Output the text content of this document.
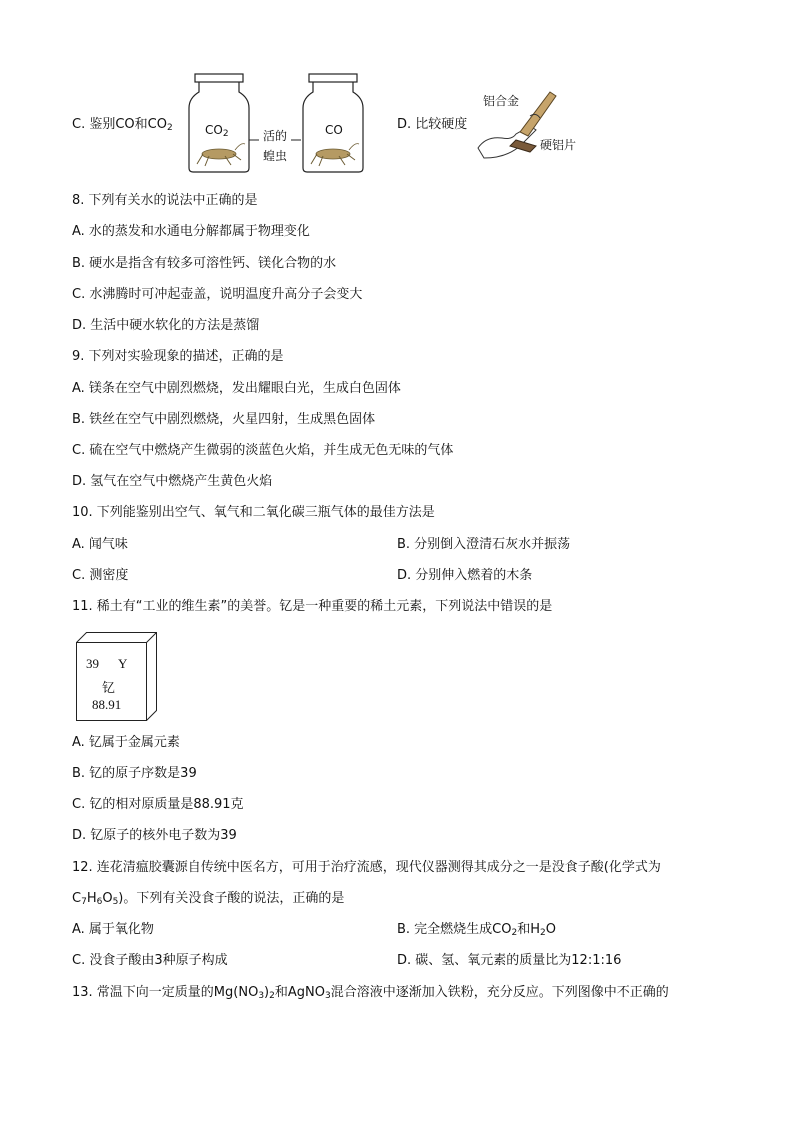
C. 鉴别CO和$CO_2$	$CO_2$	活的
蝗虫
CO	D. 比较硬度
铝合金
硬铝片
8. 下列有关水的说法中正确的是
A. 水的蒸发和水通电分解都属于物理变化
B. 硬水是指含有较多可溶性钙、镁化合物的水
C. 水沸腾时可冲起壶盖，说明温度升高分子会变大
D. 生活中硬水软化的方法是蒸馏
9. 下列对实验现象的描述，正确的是
A. 镁条在空气中剧烈燃烧，发出耀眼白光，生成白色固体
B. 铁丝在空气中剧烈燃烧，火星四射，生成黑色固体
C. 硫在空气中燃烧产生微弱的淡蓝色火焰，并生成无色无味的气体
D. 氢气在空气中燃烧产生黄色火焰
10. 下列能鉴别出空气、氧气和二氧化碳三瓶气体的最佳方法是
A. 闻气味	B. 分别倒入澄清石灰水并振荡
C. 测密度	D. 分别伸入燃着的木条
11. 稀土有“工业的维生素”的美誉。钇是一种重要的稀土元素，下列说法中错误的是
39 Y
钇
88.91
A. 钇属于金属元素
B. 钇的原子序数是39
C. 钇的相对原质量是88.91克
D. 钇原子的核外电子数为39
12. 连花清瘟胶囊源自传统中医名方，可用于治疗流感，现代仪器测得其成分之一是没食子酸(化学式为
$C_7H_6O_5$)。下列有关没食子酸的说法，正确的是
A. 属于氧化物	B. 完全燃烧生成$CO_2$和$H_2O$
C. 没食子酸由3种原子构成	D. 碳、氢、氧元素的质量比为12:1:16
13. 常温下向一定质量的$Mg(NO_3)_2$和AgNO$_3$混合溶液中逐渐加入铁粉，充分反应。下列图像中不正确的
